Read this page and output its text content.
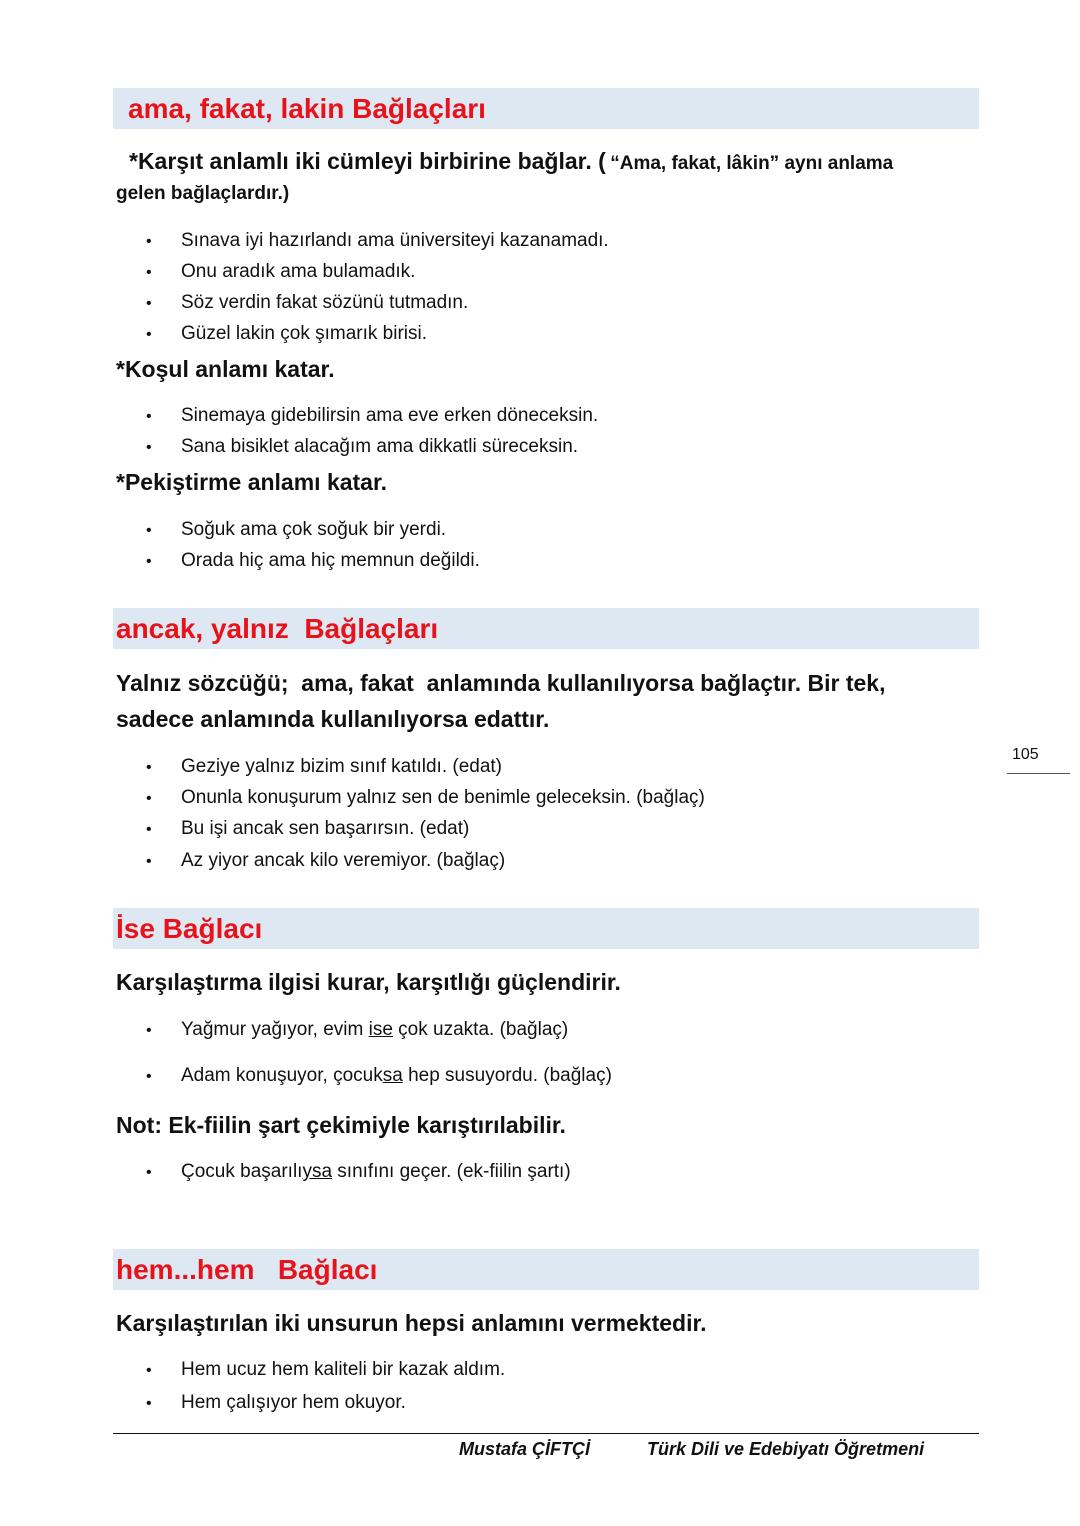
ama, fakat, lakin Bağlaçları
*Karşıt anlamlı iki cümleyi birbirine bağlar. ( “Ama, fakat, lâkin” aynı anlama
gelen bağlaçlardır.)
• Sınava iyi hazırlandı ama üniversiteyi kazanamadı.
• Onu aradık ama bulamadık.
• Söz verdin fakat sözünü tutmadın.
• Güzel lakin çok şımarık birisi.
*Koşul anlamı katar.
• Sinemaya gidebilirsin ama eve erken döneceksin.
• Sana bisiklet alacağım ama dikkatli süreceksin.
*Pekiştirme anlamı katar.
• Soğuk ama çok soğuk bir yerdi.
• Orada hiç ama hiç memnun değildi.
ancak, yalnız  Bağlaçları
Yalnız sözcüğü;  ama, fakat  anlamında kullanılıyorsa bağlaçtır. Bir tek,
sadece anlamında kullanılıyorsa edattır.
• Geziye yalnız bizim sınıf katıldı. (edat)
• Onunla konuşurum yalnız sen de benimle geleceksin. (bağlaç)
• Bu işi ancak sen başarırsın. (edat)
• Az yiyor ancak kilo veremiyor. (bağlaç)
105
İse Bağlacı
Karşılaştırma ilgisi kurar, karşıtlığı güçlendirir.
• Yağmur yağıyor, evim ise çok uzakta. (bağlaç)
• Adam konuşuyor, çocuksa hep susuyordu. (bağlaç)
Not: Ek-fiilin şart çekimiyle karıştırılabilir.
• Çocuk başarılıysa sınıfını geçer. (ek-fiilin şartı)
hem...hem   Bağlacı
Karşılaştırılan iki unsurun hepsi anlamını vermektedir.
• Hem ucuz hem kaliteli bir kazak aldım.
• Hem çalışıyor hem okuyor.
Mustafa ÇİFTÇİ	Türk Dili ve Edebiyatı Öğretmeni
